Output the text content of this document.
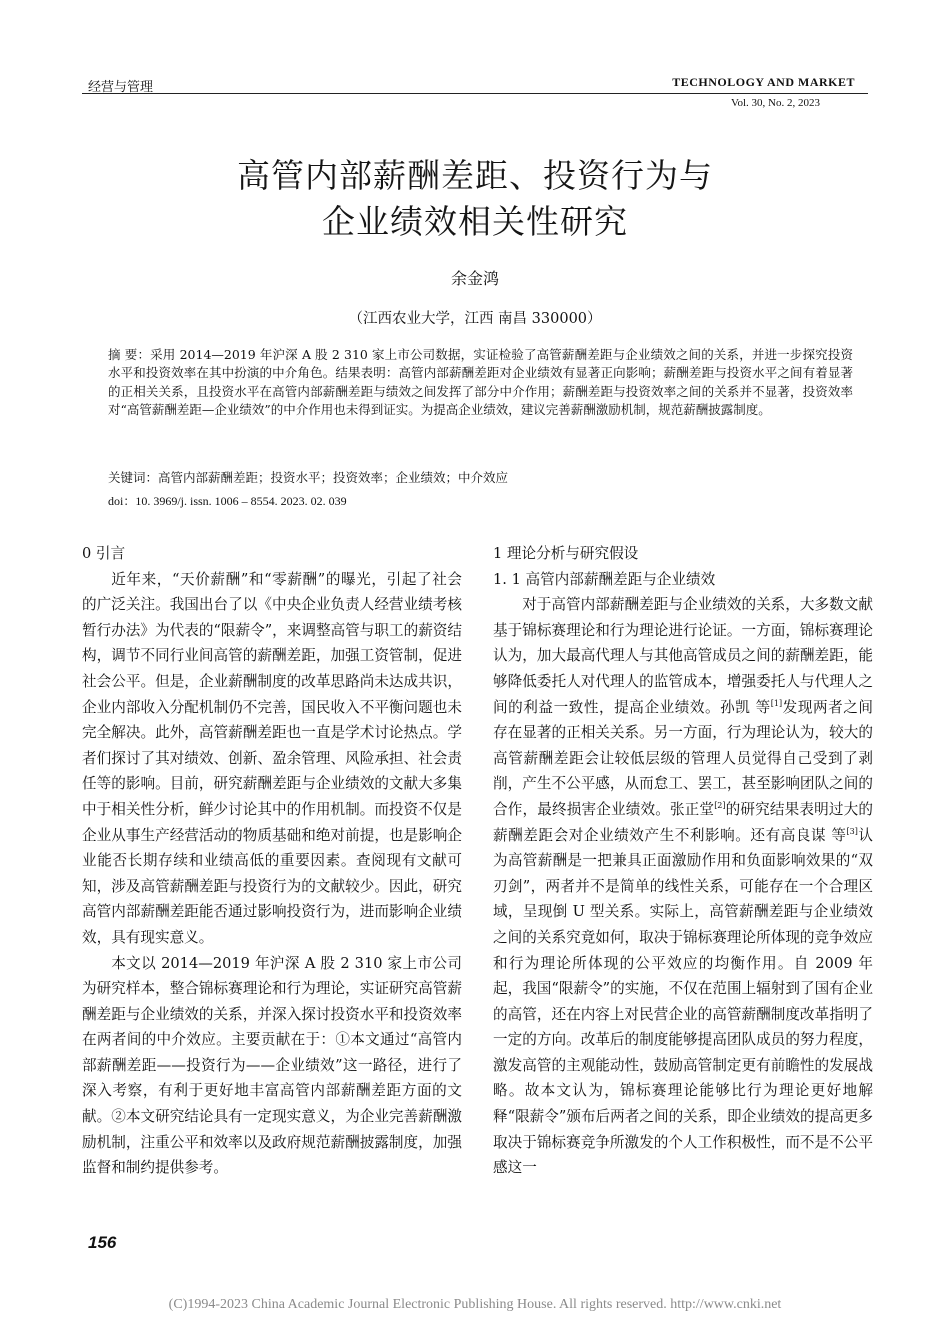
经营与管理	TECHNOLOGY AND MARKET
Vol. 30, No. 2, 2023
高管内部薪酬差距、投资行为与
企业绩效相关性研究
余金鸿
（江西农业大学，江西 南昌 330000）
摘 要：采用 2014—2019 年沪深 A 股 2 310 家上市公司数据，实证检验了高管薪酬差距与企业绩效之间的关系，并进一步探究投资水平和投资效率在其中扮演的中介角色。结果表明：高管内部薪酬差距对企业绩效有显著正向影响；薪酬差距与投资水平之间有着显著的正相关关系，且投资水平在高管内部薪酬差距与绩效之间发挥了部分中介作用；薪酬差距与投资效率之间的关系并不显著，投资效率对“高管薪酬差距—企业绩效”的中介作用也未得到证实。为提高企业绩效，建议完善薪酬激励机制，规范薪酬披露制度。
关键词：高管内部薪酬差距；投资水平；投资效率；企业绩效；中介效应
doi：10. 3969/j. issn. 1006 – 8554. 2023. 02. 039
0 引言

近年来，“天价薪酬”和“零薪酬”的曝光，引起了社会的广泛关注。我国出台了以《中央企业负责人经营业绩考核暂行办法》为代表的“限薪令”，来调整高管与职工的薪资结构，调节不同行业间高管的薪酬差距，加强工资管制，促进社会公平。但是，企业薪酬制度的改革思路尚未达成共识，企业内部收入分配机制仍不完善，国民收入不平衡问题也未完全解决。此外，高管薪酬差距也一直是学术讨论热点。学者们探讨了其对绩效、创新、盈余管理、风险承担、社会责任等的影响。目前，研究薪酬差距与企业绩效的文献大多集中于相关性分析，鲜少讨论其中的作用机制。而投资不仅是企业从事生产经营活动的物质基础和绝对前提，也是影响企业能否长期存续和业绩高低的重要因素。查阅现有文献可知，涉及高管薪酬差距与投资行为的文献较少。因此，研究高管内部薪酬差距能否通过影响投资行为，进而影响企业绩效，具有现实意义。

本文以 2014—2019 年沪深 A 股 2 310 家上市公司为研究样本，整合锦标赛理论和行为理论，实证研究高管薪酬差距与企业绩效的关系，并深入探讨投资水平和投资效率在两者间的中介效应。主要贡献在于：①本文通过“高管内部薪酬差距——投资行为——企业绩效”这一路径，进行了深入考察，有利于更好地丰富高管内部薪酬差距方面的文献。②本文研究结论具有一定现实意义，为企业完善薪酬激励机制，注重公平和效率以及政府规范薪酬披露制度，加强监督和制约提供参考。

1 理论分析与研究假设
1. 1 高管内部薪酬差距与企业绩效

对于高管内部薪酬差距与企业绩效的关系，大多数文献基于锦标赛理论和行为理论进行论证。一方面，锦标赛理论认为，加大最高代理人与其他高管成员之间的薪酬差距，能够降低委托人对代理人的监管成本，增强委托人与代理人之间的利益一致性，提高企业绩效。孙凯 等[1]发现两者之间存在显著的正相关关系。另一方面，行为理论认为，较大的高管薪酬差距会让较低层级的管理人员觉得自己受到了剥削，产生不公平感，从而怠工、罢工，甚至影响团队之间的合作，最终损害企业绩效。张正堂[2]的研究结果表明过大的薪酬差距会对企业绩效产生不利影响。还有高良谋 等[3]认为高管薪酬是一把兼具正面激励作用和负面影响效果的“双刃剑”，两者并不是简单的线性关系，可能存在一个合理区域，呈现倒 U 型关系。实际上，高管薪酬差距与企业绩效之间的关系究竟如何，取决于锦标赛理论所体现的竞争效应和行为理论所体现的公平效应的均衡作用。自 2009 年起，我国“限薪令”的实施，不仅在范围上辐射到了国有企业的高管，还在内容上对民营企业的高管薪酬制度改革指明了一定的方向。改革后的制度能够提高团队成员的努力程度，激发高管的主观能动性，鼓励高管制定更有前瞻性的发展战略。故本文认为，锦标赛理论能够比行为理论更好地解释“限薪令”颁布后两者之间的关系，即企业绩效的提高更多取决于锦标赛竞争所激发的个人工作积极性，而不是不公平感这一

156
(C)1994-2023 China Academic Journal Electronic Publishing House. All rights reserved. http://www.cnki.net
